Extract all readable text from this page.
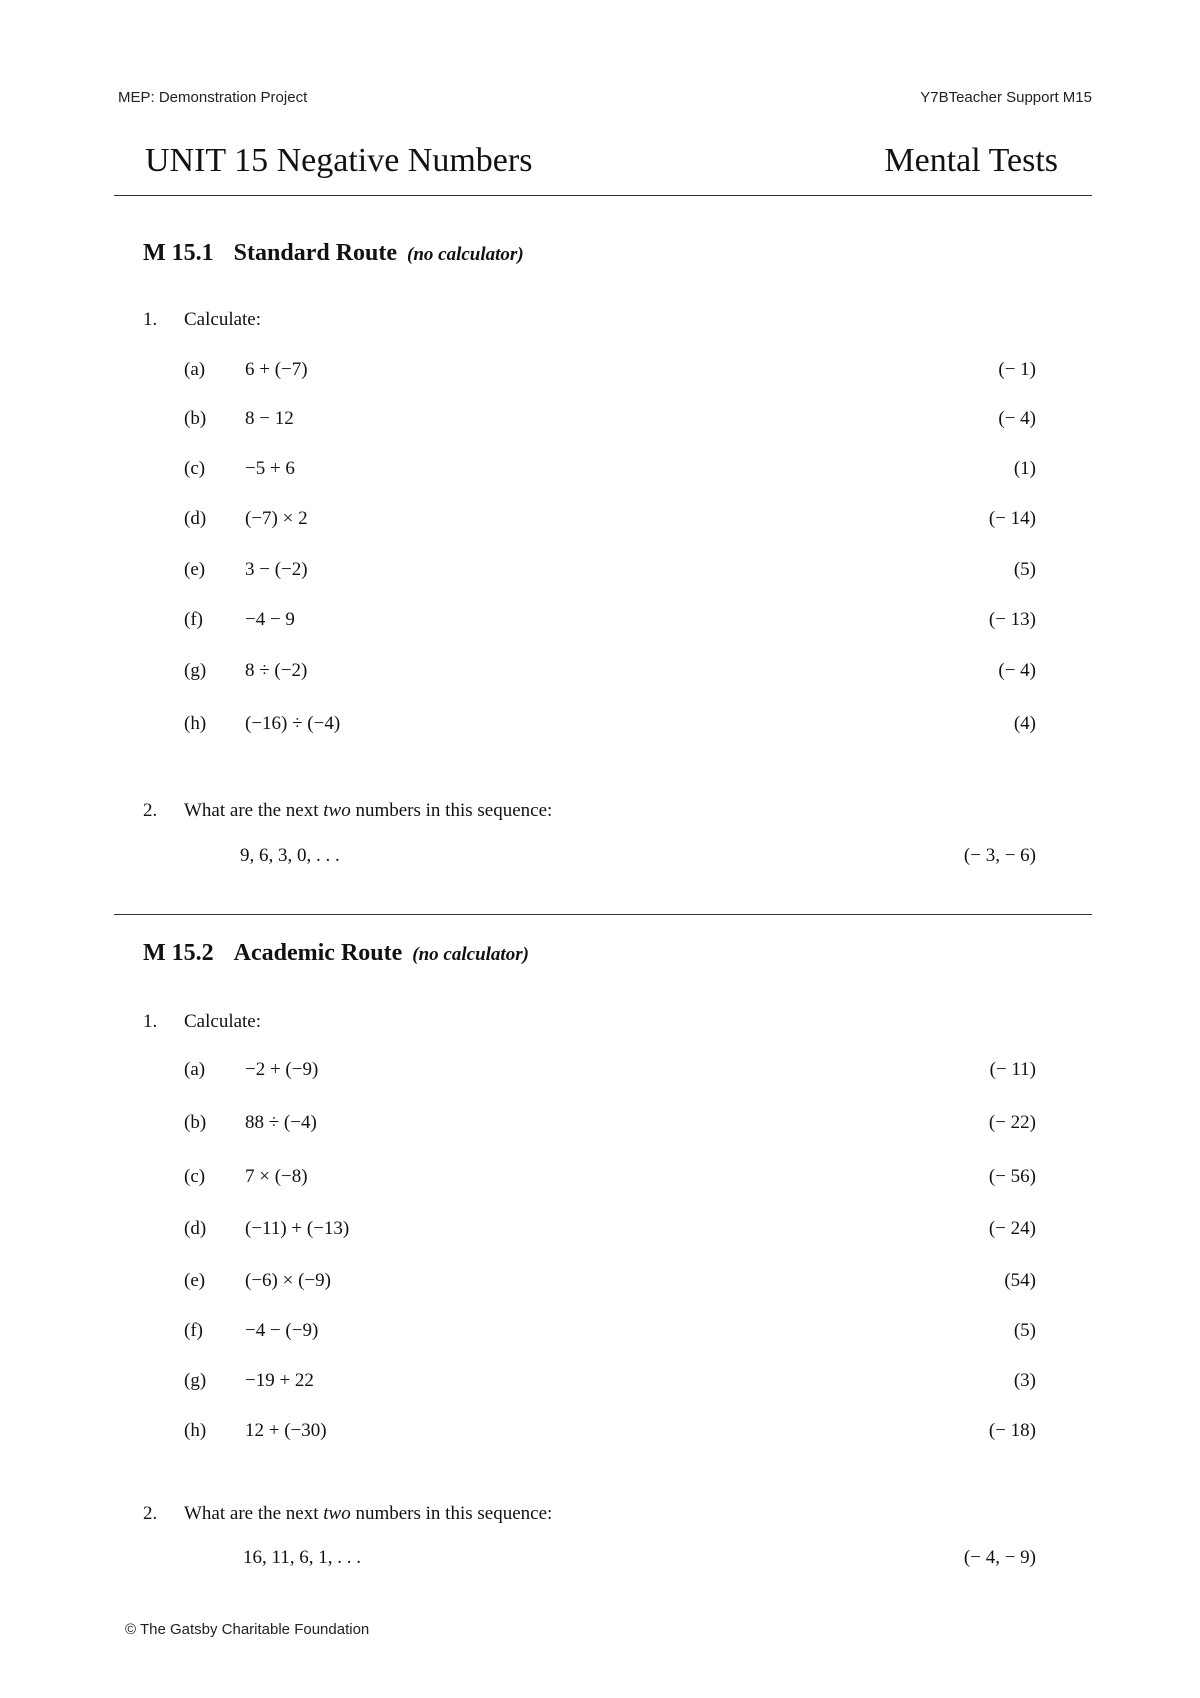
MEP: Demonstration Project	Y7BTeacher Support M15
UNIT 15 Negative Numbers	Mental Tests
M 15.1 Standard Route (no calculator)
1. Calculate:
(a) 6 + (−7)	(− 1)
(b) 8 − 12	(− 4)
(c) −5 + 6	(1)
(d) (−7) × 2	(− 14)
(e) 3 − (−2)	(5)
(f) −4 − 9	(− 13)
(g) 8 ÷ (−2)	(− 4)
(h) (−16) ÷ (−4)	(4)
2. What are the next two numbers in this sequence:
9, 6, 3, 0, . . .	(− 3, − 6)
M 15.2 Academic Route (no calculator)
1. Calculate:
(a) −2 + (−9)	(− 11)
(b) 88 ÷ (−4)	(− 22)
(c) 7 × (−8)	(− 56)
(d) (−11) + (−13)	(− 24)
(e) (−6) × (−9)	(54)
(f) −4 − (−9)	(5)
(g) −19 + 22	(3)
(h) 12 + (−30)	(− 18)
2. What are the next two numbers in this sequence:
16, 11, 6, 1, . . .	(− 4, − 9)
© The Gatsby Charitable Foundation
